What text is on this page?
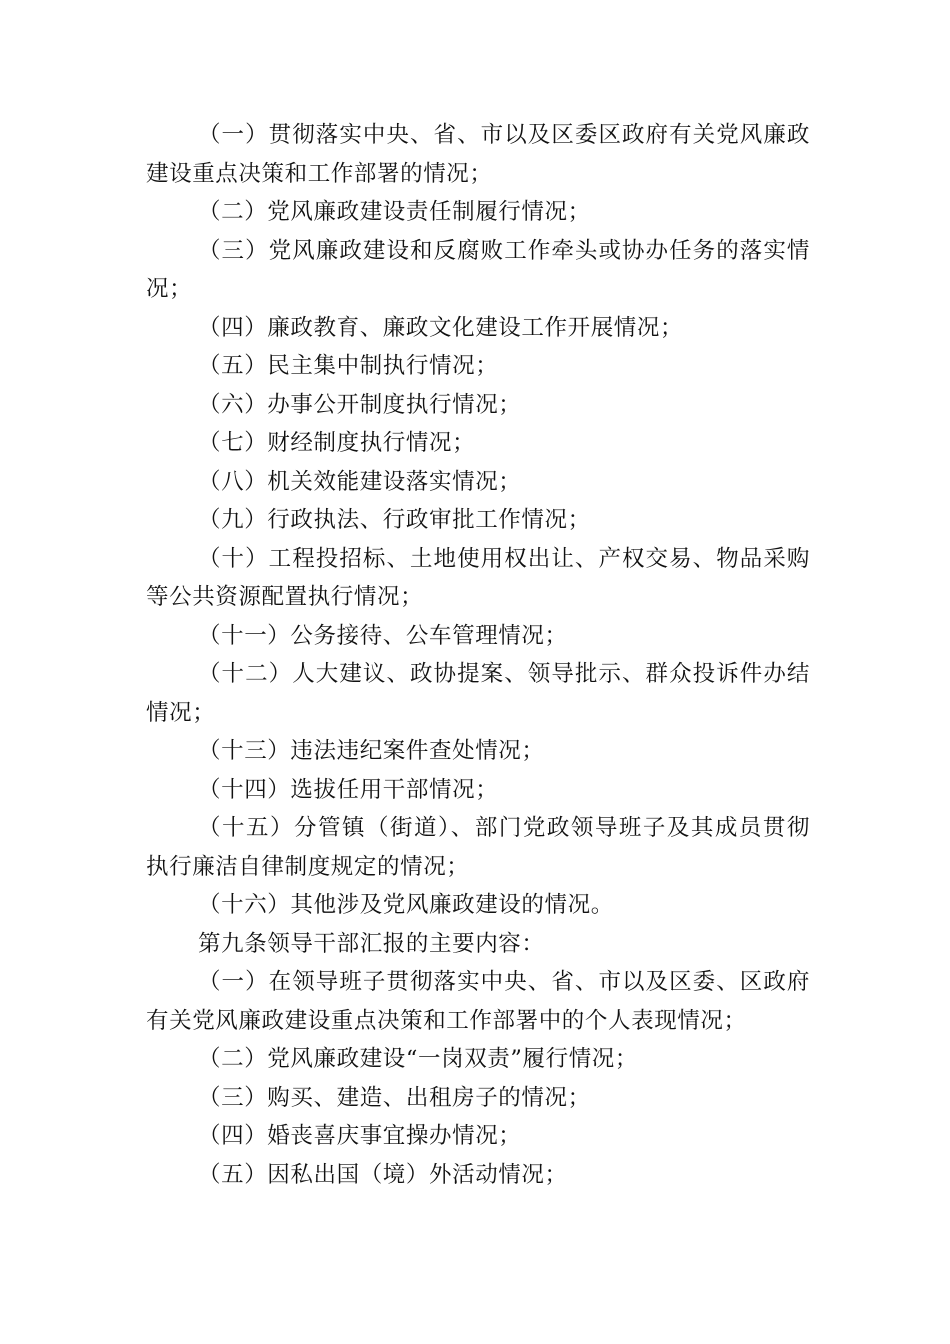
（一）贯彻落实中央、省、市以及区委区政府有关党风廉政建设重点决策和工作部署的情况；

（二）党风廉政建设责任制履行情况；

（三）党风廉政建设和反腐败工作牵头或协办任务的落实情况；

（四）廉政教育、廉政文化建设工作开展情况；

（五）民主集中制执行情况；

（六）办事公开制度执行情况；

（七）财经制度执行情况；

（八）机关效能建设落实情况；

（九）行政执法、行政审批工作情况；

（十）工程投招标、土地使用权出让、产权交易、物品采购等公共资源配置执行情况；

（十一）公务接待、公车管理情况；

（十二）人大建议、政协提案、领导批示、群众投诉件办结情况；

（十三）违法违纪案件查处情况；

（十四）选拔任用干部情况；

（十五）分管镇（街道）、部门党政领导班子及其成员贯彻执行廉洁自律制度规定的情况；

（十六）其他涉及党风廉政建设的情况。

第九条领导干部汇报的主要内容：

（一）在领导班子贯彻落实中央、省、市以及区委、区政府有关党风廉政建设重点决策和工作部署中的个人表现情况；

（二）党风廉政建设“一岗双责”履行情况；

（三）购买、建造、出租房子的情况；

（四）婚丧喜庆事宜操办情况；

（五）因私出国（境）外活动情况；
